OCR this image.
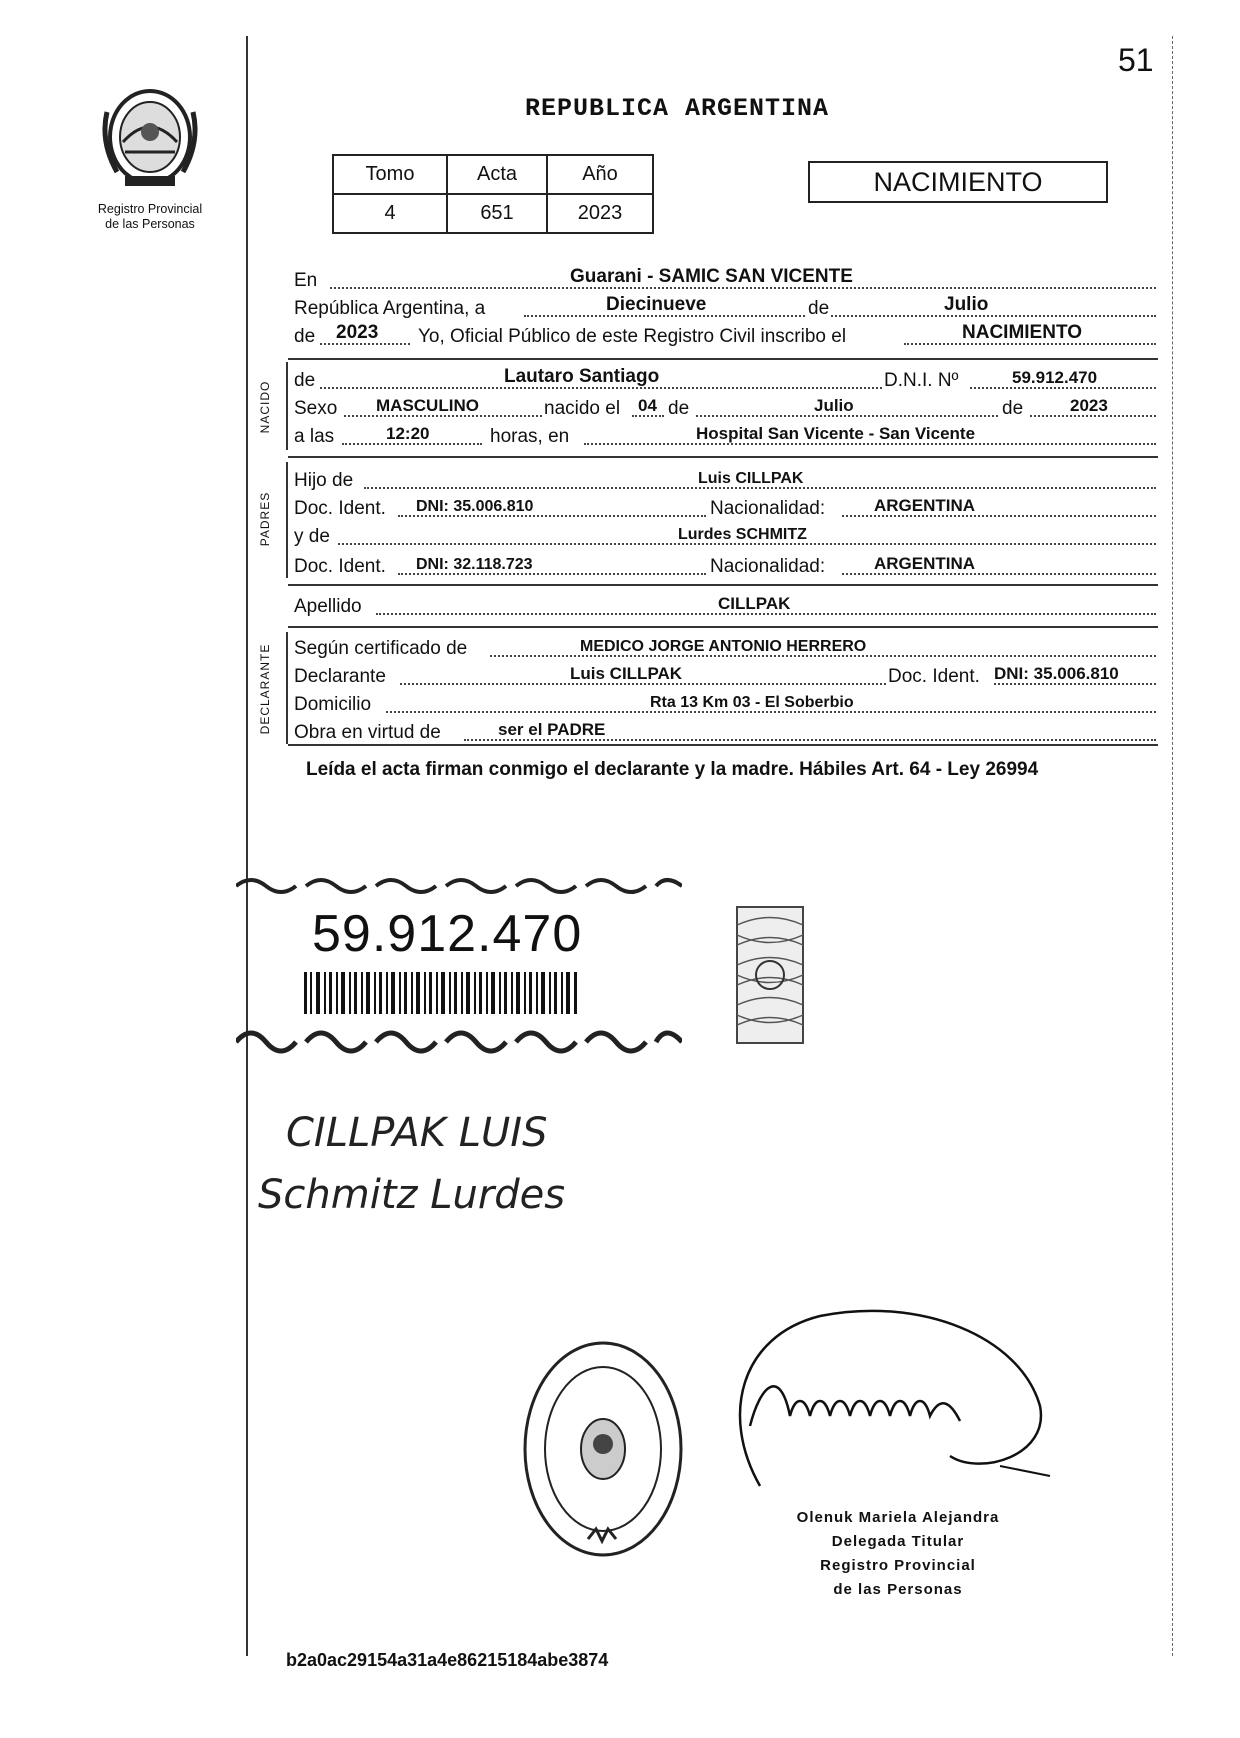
51
Registro Provincial
de las Personas
REPUBLICA ARGENTINA
Tomo	Acta	Año
4	651	2023
NACIMIENTO
En	Guarani - SAMIC SAN VICENTE
República Argentina, a	Diecinueve	de	Julio
de 2023 Yo, Oficial Público de este Registro Civil inscribo el	NACIMIENTO
NACIDO
de	Lautaro Santiago	D.N.I. Nº	59.912.470
Sexo MASCULINO	nacido el 04 de	Julio	de	2023
a las	12:20	horas, en	Hospital San Vicente - San Vicente
PADRES
Hijo de	Luis CILLPAK
Doc. Ident. DNI: 35.006.810	Nacionalidad:	ARGENTINA
y de	Lurdes SCHMITZ
Doc. Ident. DNI: 32.118.723	Nacionalidad:	ARGENTINA
Apellido	CILLPAK
DECLARANTE Según certificado de	MEDICO JORGE ANTONIO HERRERO
Declarante	Luis CILLPAK	Doc. Ident. DNI: 35.006.810
Domicilio	Rta 13 Km 03 - El Soberbio
Obra en virtud de	ser el PADRE
Leída el acta firman conmigo el declarante y la madre. Hábiles Art. 64 - Ley 26994
59.912.470
CILLPAK LUIS
Schmitz Lurdes
Olenuk Mariela Alejandra
Delegada Titular
Registro Provincial
de las Personas
b2a0ac29154a31a4e86215184abe3874
